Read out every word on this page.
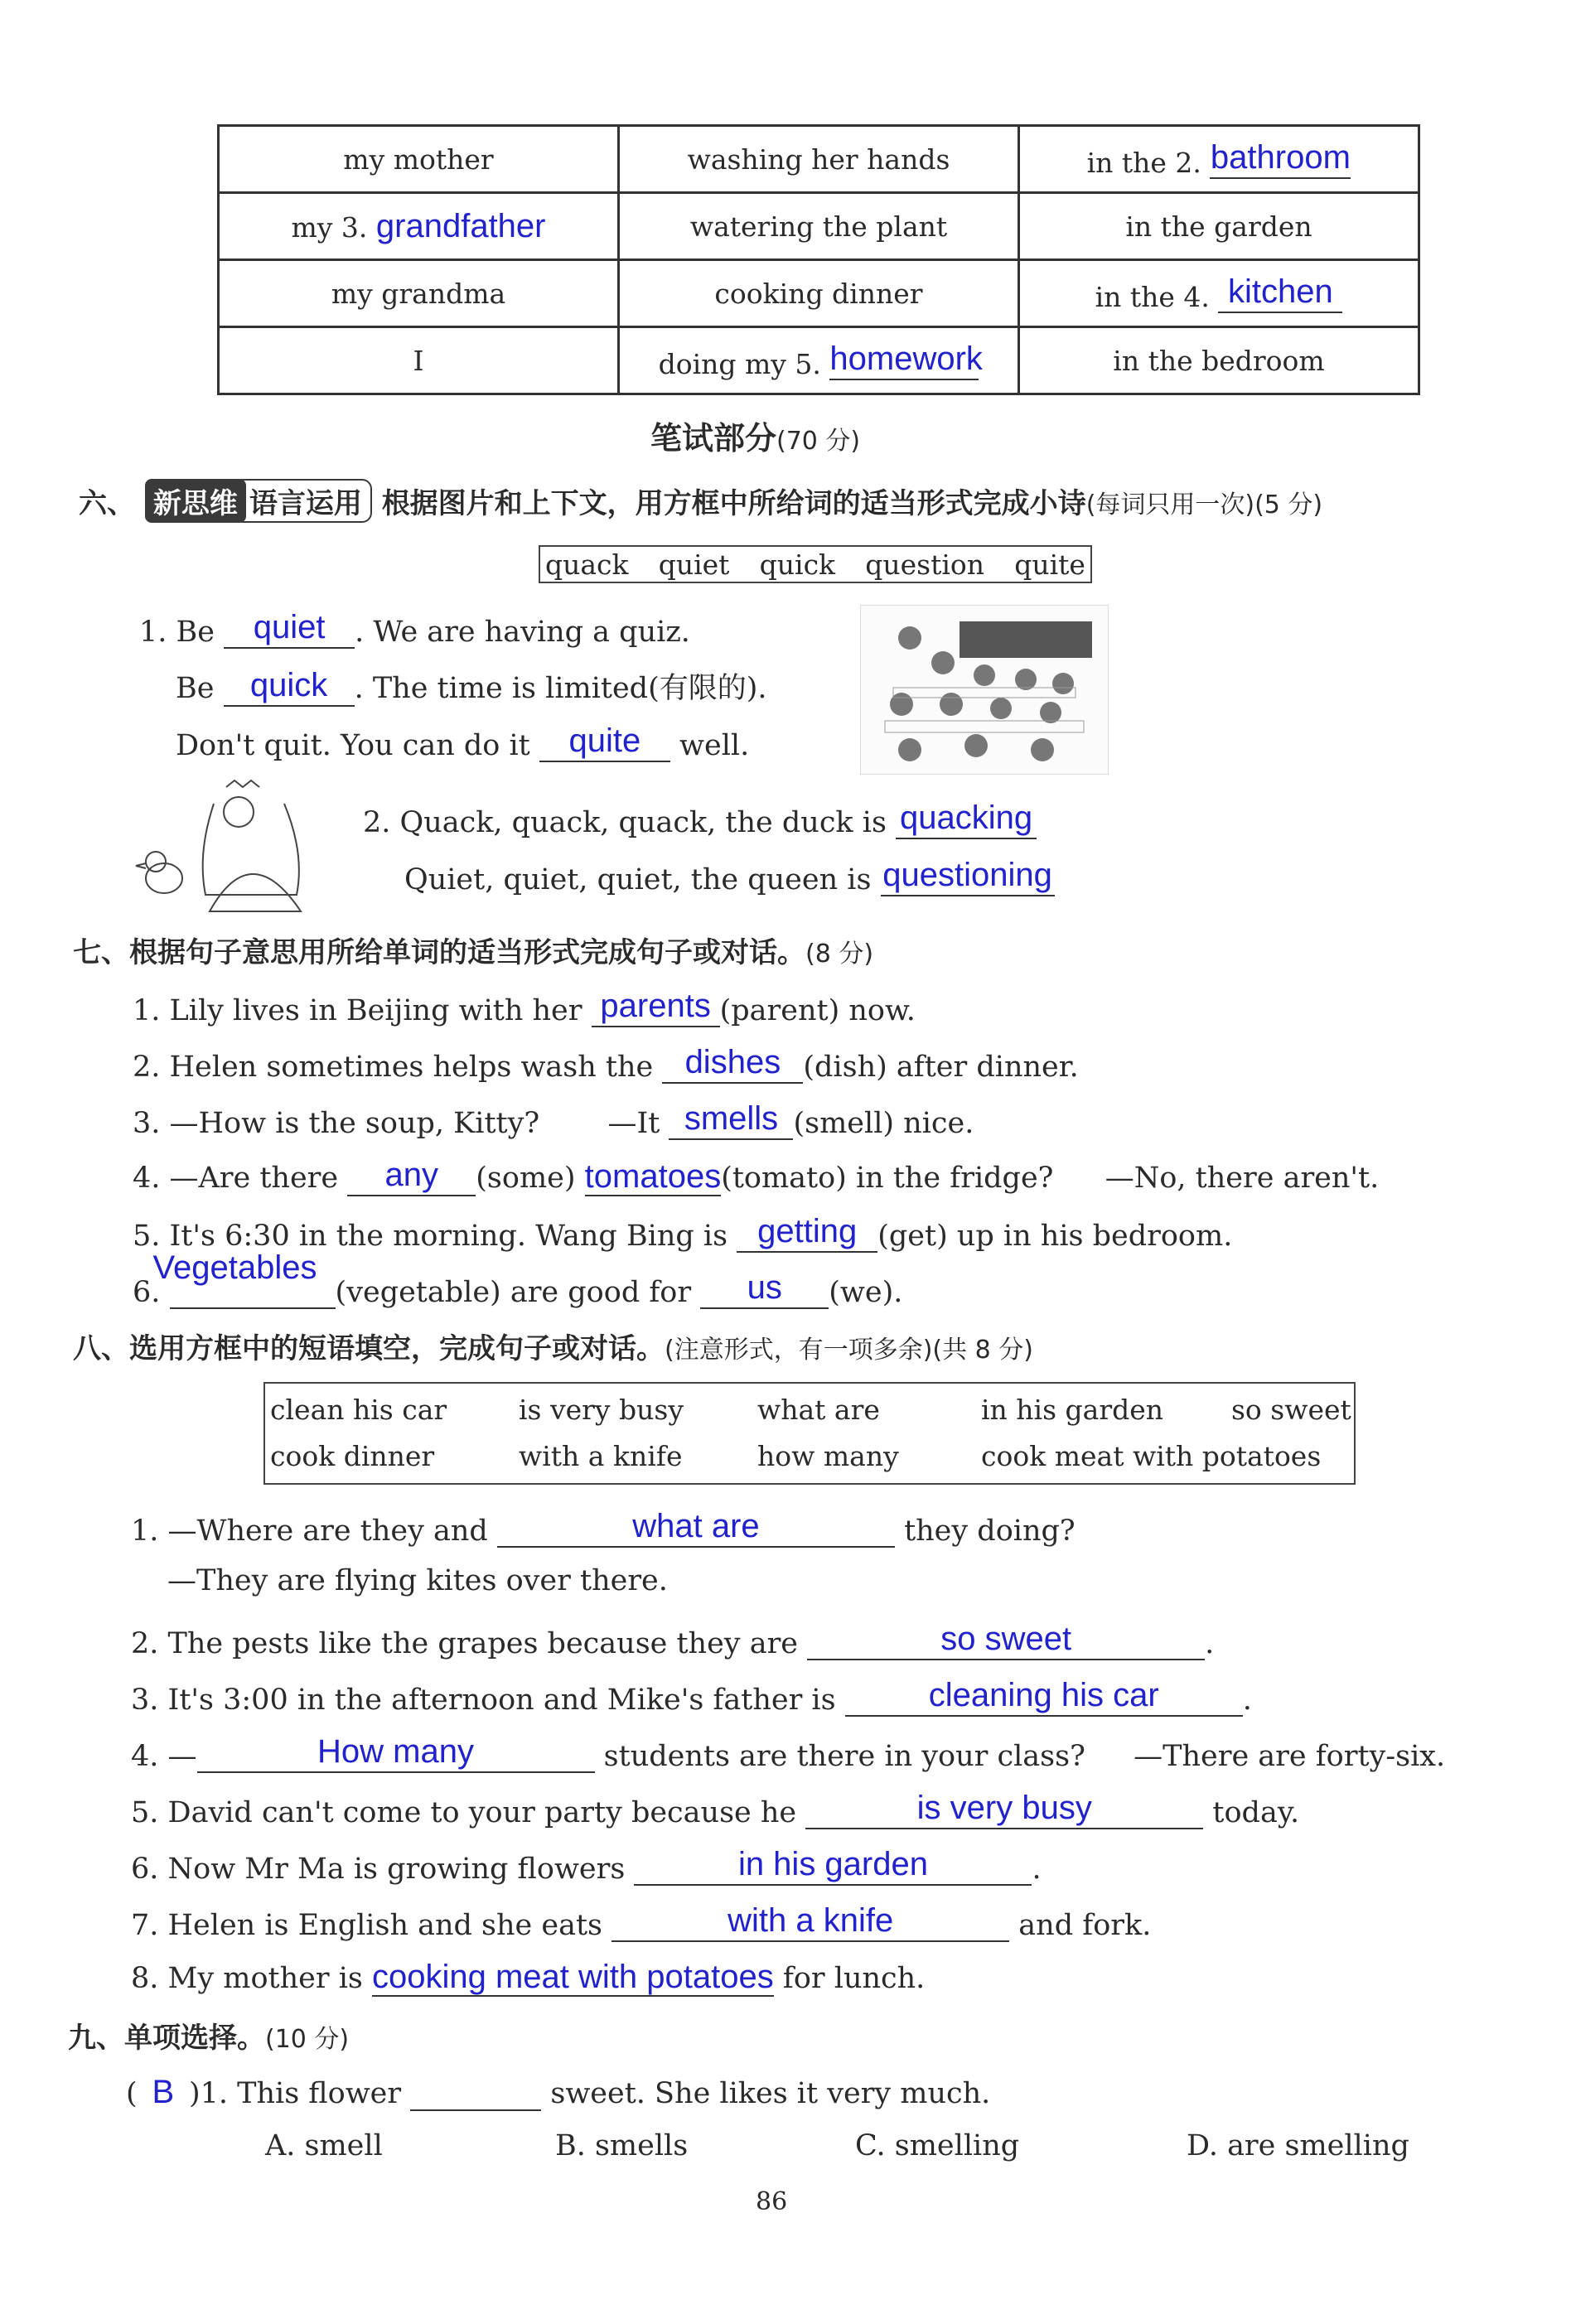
my mother	washing her hands	in the 2. bathroom
my 3. grandfather	watering the plant	in the garden
my grandma	cooking dinner	in the 4. kitchen
I	doing my 5. homework	in the bedroom
笔试部分(70 分)
六、 新思维 语言运用 根据图片和上下文，用方框中所给词的适当形式完成小诗(每词只用一次)(5 分)
quack quiet quick question quite
1. Be quiet . We are having a quiz.
Be quick . The time is limited(有限的).
Don't quit. You can do it quite well.
2. Quack, quack, quack, the duck is quacking
Quiet, quiet, quiet, the queen is questioning
七、根据句子意思用所给单词的适当形式完成句子或对话。(8 分)
1. Lily lives in Beijing with her parents (parent) now.
2. Helen sometimes helps wash the dishes (dish) after dinner.
3. —How is the soup, Kitty? —It smells (smell) nice.
4. —Are there any (some) tomatoes(tomato) in the fridge? —No, there aren't.
5. It's 6:30 in the morning. Wang Bing is getting (get) up in his bedroom.
6.
Vegetables
(vegetable) are good for us (we).
八、选用方框中的短语填空，完成句子或对话。(注意形式，有一项多余)(共 8 分)
clean his car	is very busy	what are	in his garden so sweet
cook dinner	with a knife	how many	cook meat with potatoes
1. —Where are they and	what are	they doing?
—They are flying kites over there.
2. The pests like the grapes because they are	so sweet	.
3. It's 3:00 in the afternoon and Mike's father is	cleaning his car	.
4. —	How many	students are there in your class? —There are forty-six.
5. David can't come to your party because he	is very busy	today.
6. Now Mr Ma is growing flowers	in his garden	.
7. Helen is English and she eats	with a knife	and fork.
8. My mother is cooking meat with potatoes for lunch.
九、单项选择。(10 分)
( B )1. This flower	sweet. She likes it very much.
A. smell	B. smells	C. smelling	D. are smelling
86
